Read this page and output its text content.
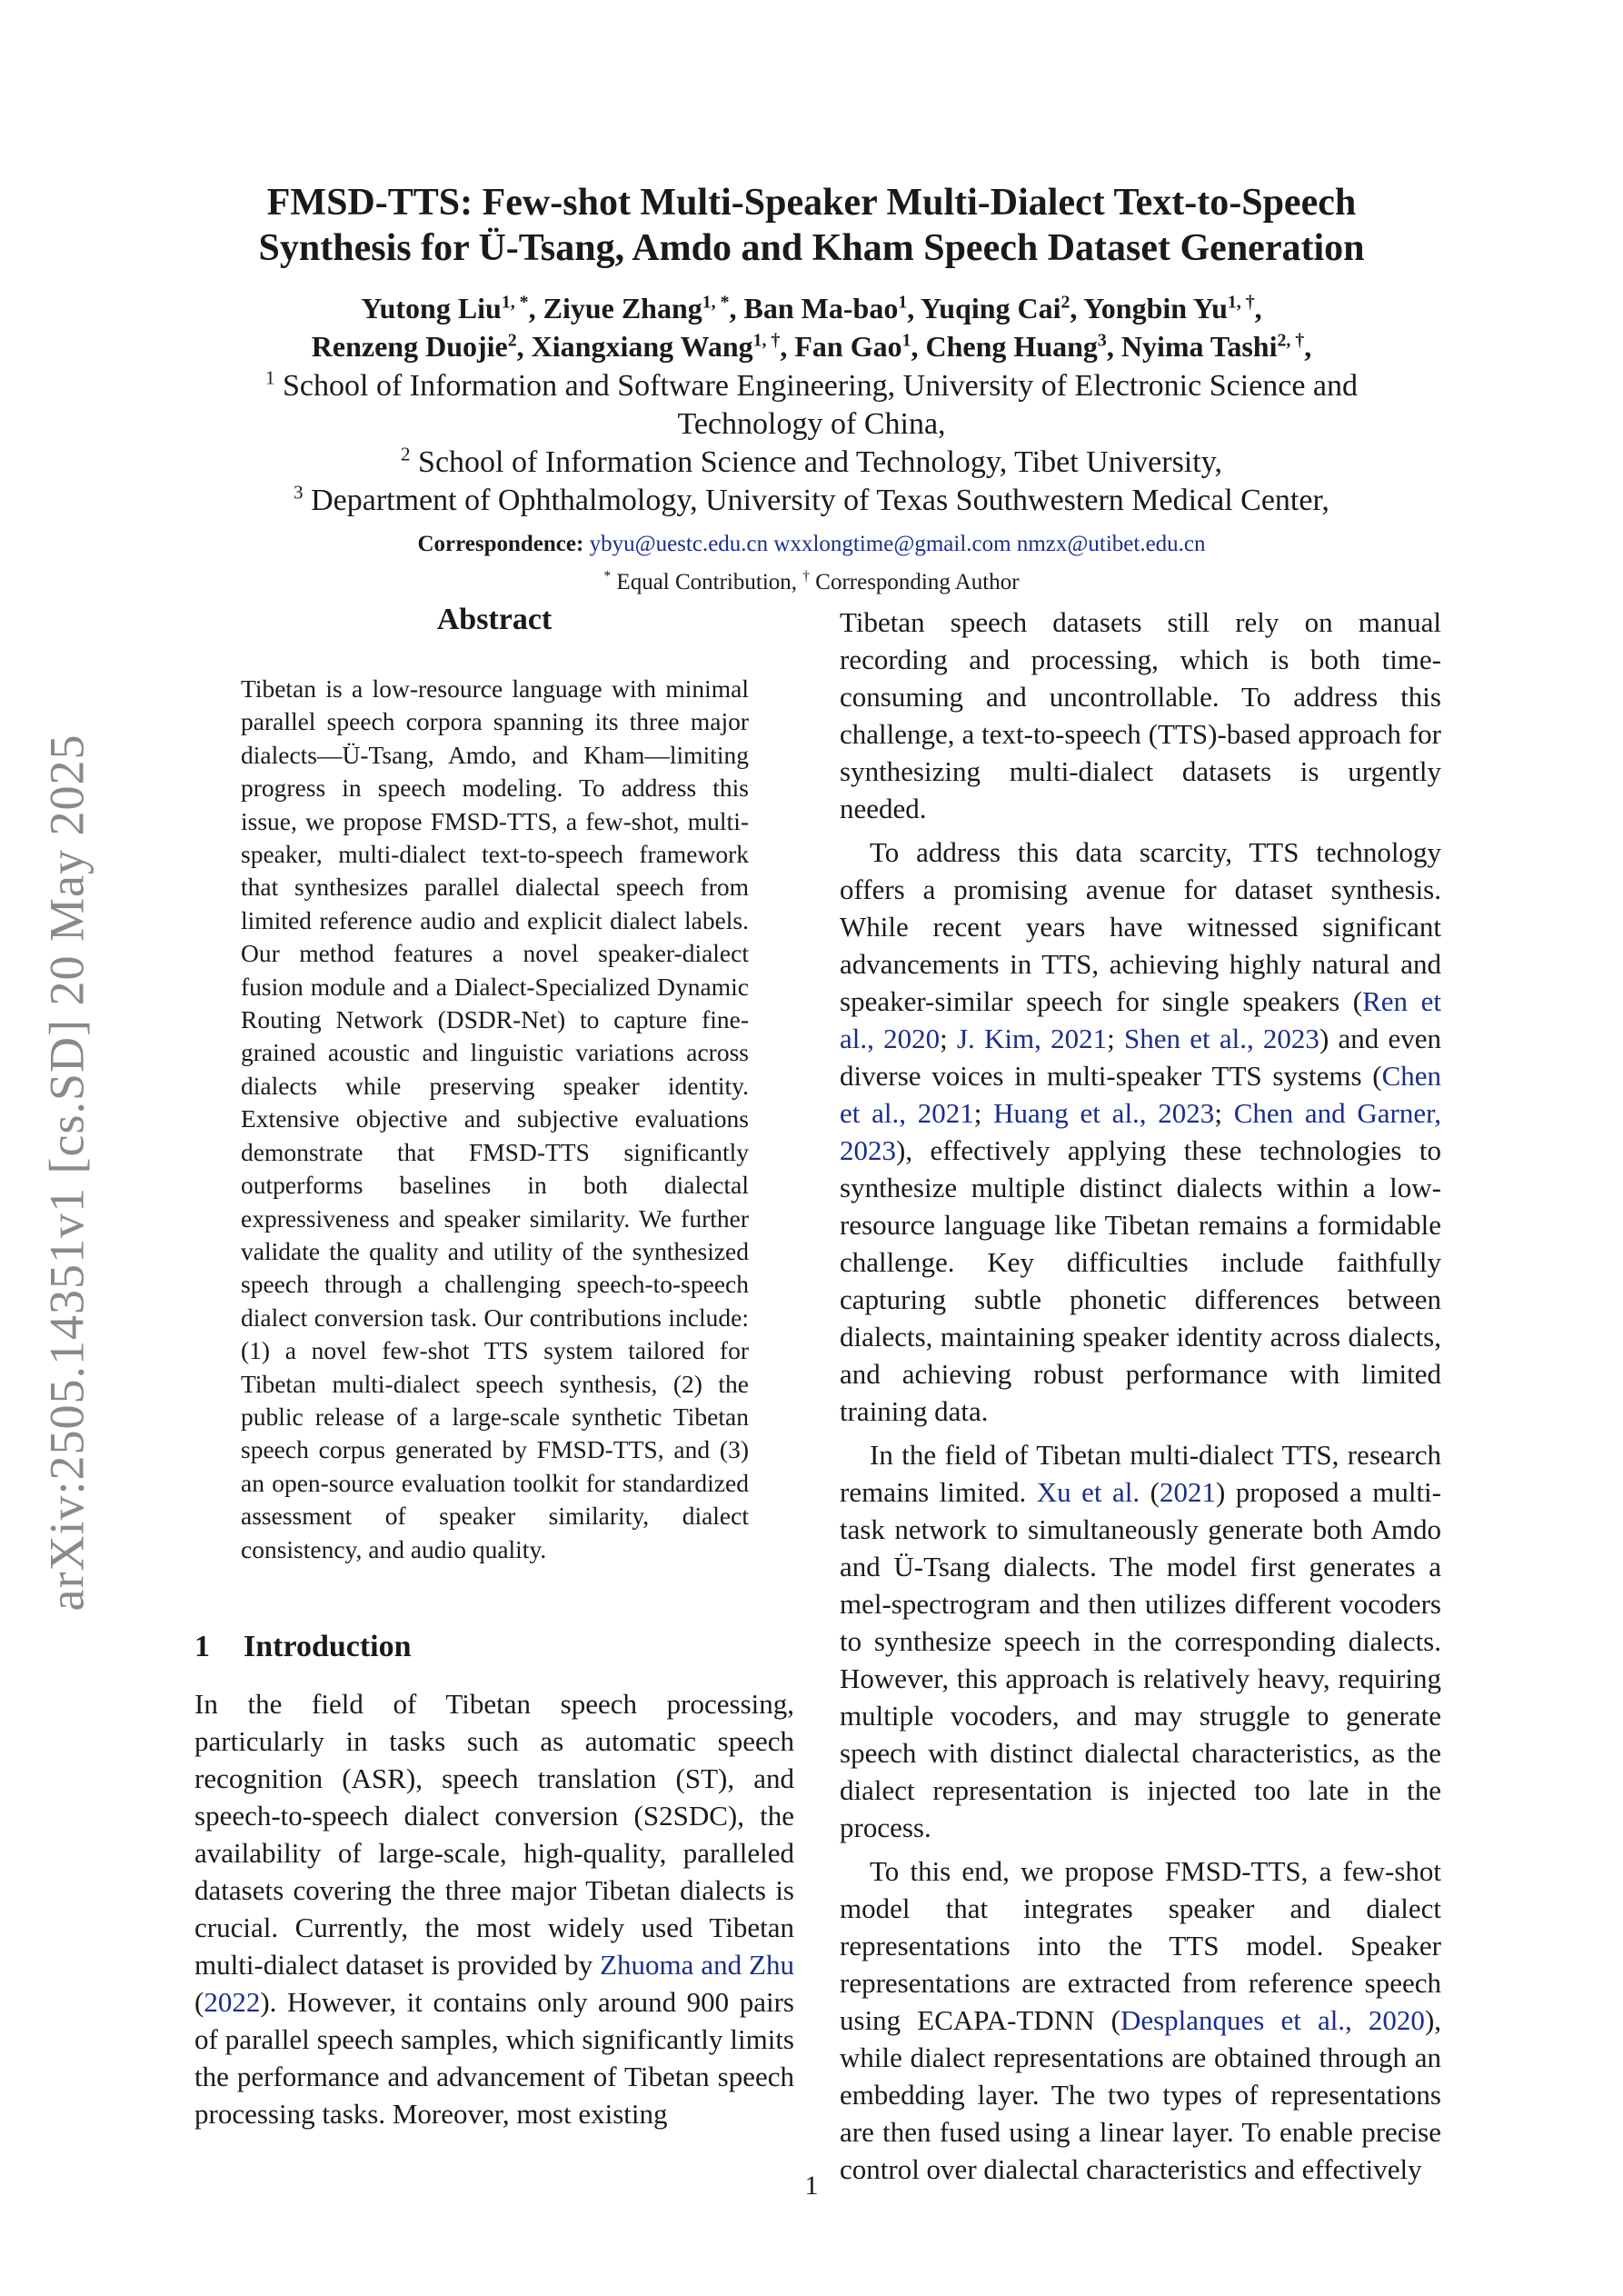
arXiv:2505.14351v1 [cs.SD] 20 May 2025
FMSD-TTS: Few-shot Multi-Speaker Multi-Dialect Text-to-Speech
Synthesis for Ü-Tsang, Amdo and Kham Speech Dataset Generation
Yutong Liu$^{1, *}$, Ziyue Zhang$^{1, *}$, Ban Ma-bao$^1$, Yuqing Cai$^2$, Yongbin $Yu^{1, \dagger}$,
Renzeng Duojie$^2$, Xiangxiang Wang$^{1, \dagger}$, Fan Gao$^1$, Cheng Huang$^3$, Nyima Tashi$^{2, \dagger}$,
$^1$ School of Information and Software Engineering, University of Electronic Science and
Technology of China,
$^2$ School of Information Science and Technology, Tibet University,
$^3$ Department of Ophthalmology, University of Texas Southwestern Medical Center,
Correspondence: ybyu@uestc.edu.cn wxxlongtime@gmail.com nmzx@utibet.edu.cn
* Equal Contribution, † Corresponding Author
Abstract

Tibetan is a low-resource language with minimal parallel speech corpora spanning its three major dialects—Ü-Tsang, Amdo, and Kham—limiting progress in speech modeling. To address this issue, we propose FMSD-TTS, a few-shot, multi-speaker, multi-dialect text-to-speech framework that synthesizes parallel dialectal speech from limited reference audio and explicit dialect labels. Our method features a novel speaker-dialect fusion module and a Dialect-Specialized Dynamic Routing Network (DSDR-Net) to capture fine-grained acoustic and linguistic variations across dialects while preserving speaker identity. Extensive objective and subjective evaluations demonstrate that FMSD-TTS significantly outperforms baselines in both dialectal expressiveness and speaker similarity. We further validate the quality and utility of the synthesized speech through a challenging speech-to-speech dialect conversion task. Our contributions include: (1) a novel few-shot TTS system tailored for Tibetan multi-dialect speech synthesis, (2) the public release of a large-scale synthetic Tibetan speech corpus generated by FMSD-TTS, and (3) an open-source evaluation toolkit for standardized assessment of speaker similarity, dialect consistency, and audio quality.

1 Introduction

In the field of Tibetan speech processing, particularly in tasks such as automatic speech recognition (ASR), speech translation (ST), and speech-to-speech dialect conversion (S2SDC), the availability of large-scale, high-quality, paralleled datasets covering the three major Tibetan dialects is crucial. Currently, the most widely used Tibetan multi-dialect dataset is provided by Zhuoma and Zhu (2022). However, it contains only around 900 pairs of parallel speech samples, which significantly limits the performance and advancement of Tibetan speech processing tasks. Moreover, most existing

Tibetan speech datasets still rely on manual recording and processing, which is both time-consuming and uncontrollable. To address this challenge, a text-to-speech (TTS)-based approach for synthesizing multi-dialect datasets is urgently needed.

To address this data scarcity, TTS technology offers a promising avenue for dataset synthesis. While recent years have witnessed significant advancements in TTS, achieving highly natural and speaker-similar speech for single speakers (Ren et al., 2020; J. Kim, 2021; Shen et al., 2023) and even diverse voices in multi-speaker TTS systems (Chen et al., 2021; Huang et al., 2023; Chen and Garner, 2023), effectively applying these technologies to synthesize multiple distinct dialects within a low-resource language like Tibetan remains a formidable challenge. Key difficulties include faithfully capturing subtle phonetic differences between dialects, maintaining speaker identity across dialects, and achieving robust performance with limited training data.

In the field of Tibetan multi-dialect TTS, research remains limited. Xu et al. (2021) proposed a multi-task network to simultaneously generate both Amdo and Ü-Tsang dialects. The model first generates a mel-spectrogram and then utilizes different vocoders to synthesize speech in the corresponding dialects. However, this approach is relatively heavy, requiring multiple vocoders, and may struggle to generate speech with distinct dialectal characteristics, as the dialect representation is injected too late in the process.

To this end, we propose FMSD-TTS, a few-shot model that integrates speaker and dialect representations into the TTS model. Speaker representations are extracted from reference speech using ECAPA-TDNN (Desplanques et al., 2020), while dialect representations are obtained through an embedding layer. The two types of representations are then fused using a linear layer. To enable precise control over dialectal characteristics and effectively

1
